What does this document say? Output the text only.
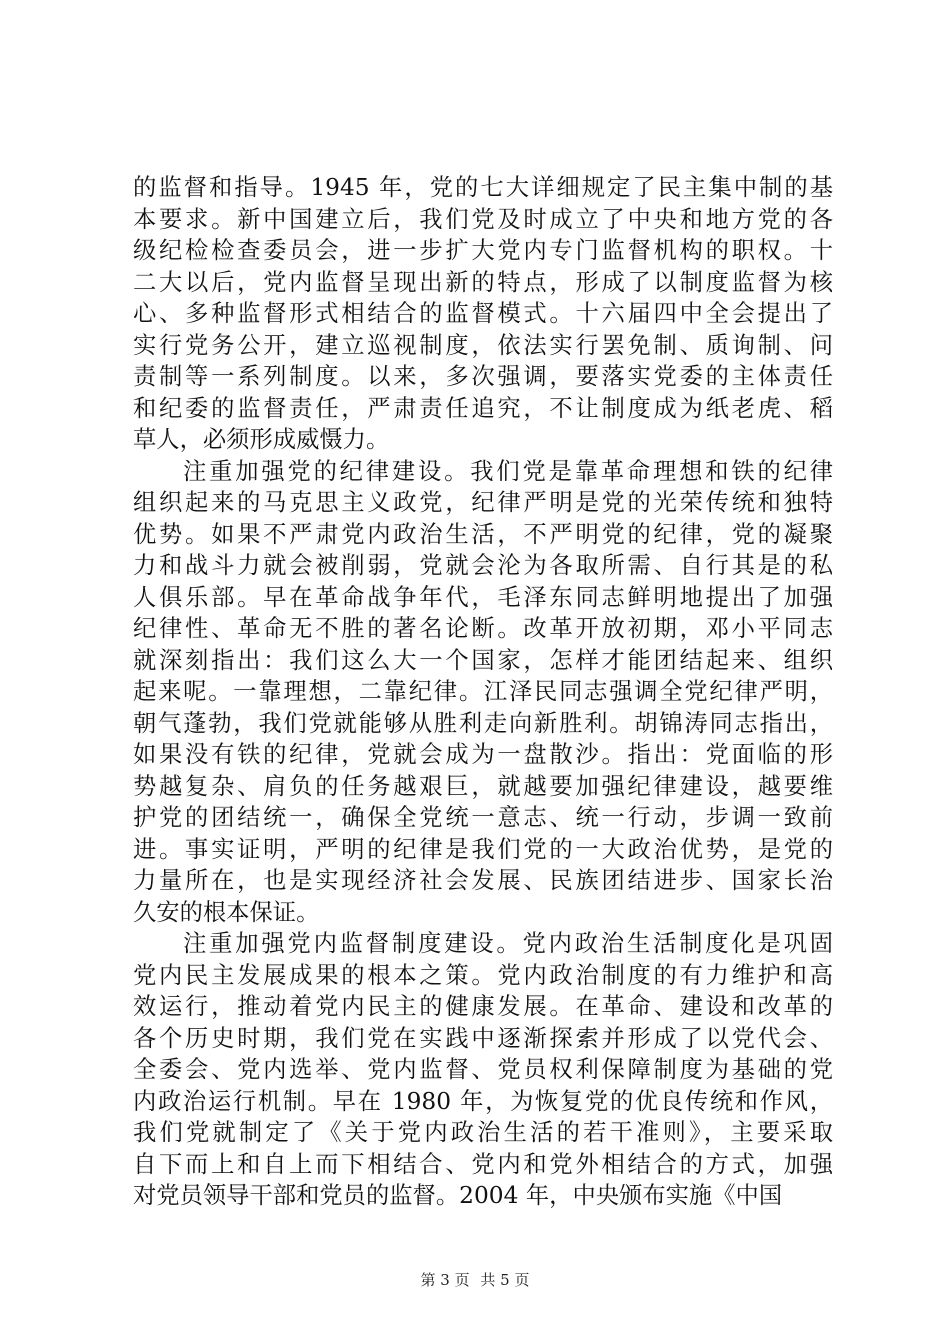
的监督和指导。1945 年，党的七大详细规定了民主集中制的基
本要求。新中国建立后，我们党及时成立了中央和地方党的各
级纪检检查委员会，进一步扩大党内专门监督机构的职权。十
二大以后，党内监督呈现出新的特点，形成了以制度监督为核
心、多种监督形式相结合的监督模式。十六届四中全会提出了
实行党务公开，建立巡视制度，依法实行罢免制、质询制、问
责制等一系列制度。以来，多次强调，要落实党委的主体责任
和纪委的监督责任，严肃责任追究，不让制度成为纸老虎、稻
草人，必须形成威慑力。
注重加强党的纪律建设。我们党是靠革命理想和铁的纪律
组织起来的马克思主义政党，纪律严明是党的光荣传统和独特
优势。如果不严肃党内政治生活，不严明党的纪律，党的凝聚
力和战斗力就会被削弱，党就会沦为各取所需、自行其是的私
人俱乐部。早在革命战争年代，毛泽东同志鲜明地提出了加强
纪律性、革命无不胜的著名论断。改革开放初期，邓小平同志
就深刻指出：我们这么大一个国家，怎样才能团结起来、组织
起来呢。一靠理想，二靠纪律。江泽民同志强调全党纪律严明，
朝气蓬勃，我们党就能够从胜利走向新胜利。胡锦涛同志指出，
如果没有铁的纪律，党就会成为一盘散沙。指出：党面临的形
势越复杂、肩负的任务越艰巨，就越要加强纪律建设，越要维
护党的团结统一，确保全党统一意志、统一行动，步调一致前
进。事实证明，严明的纪律是我们党的一大政治优势，是党的
力量所在，也是实现经济社会发展、民族团结进步、国家长治
久安的根本保证。
注重加强党内监督制度建设。党内政治生活制度化是巩固
党内民主发展成果的根本之策。党内政治制度的有力维护和高
效运行，推动着党内民主的健康发展。在革命、建设和改革的
各个历史时期，我们党在实践中逐渐探索并形成了以党代会、
全委会、党内选举、党内监督、党员权利保障制度为基础的党
内政治运行机制。早在 1980 年，为恢复党的优良传统和作风，
我们党就制定了《关于党内政治生活的若干准则》，主要采取
自下而上和自上而下相结合、党内和党外相结合的方式，加强
对党员领导干部和党员的监督。2004 年，中央颁布实施《中国
第 3 页 共 5 页
